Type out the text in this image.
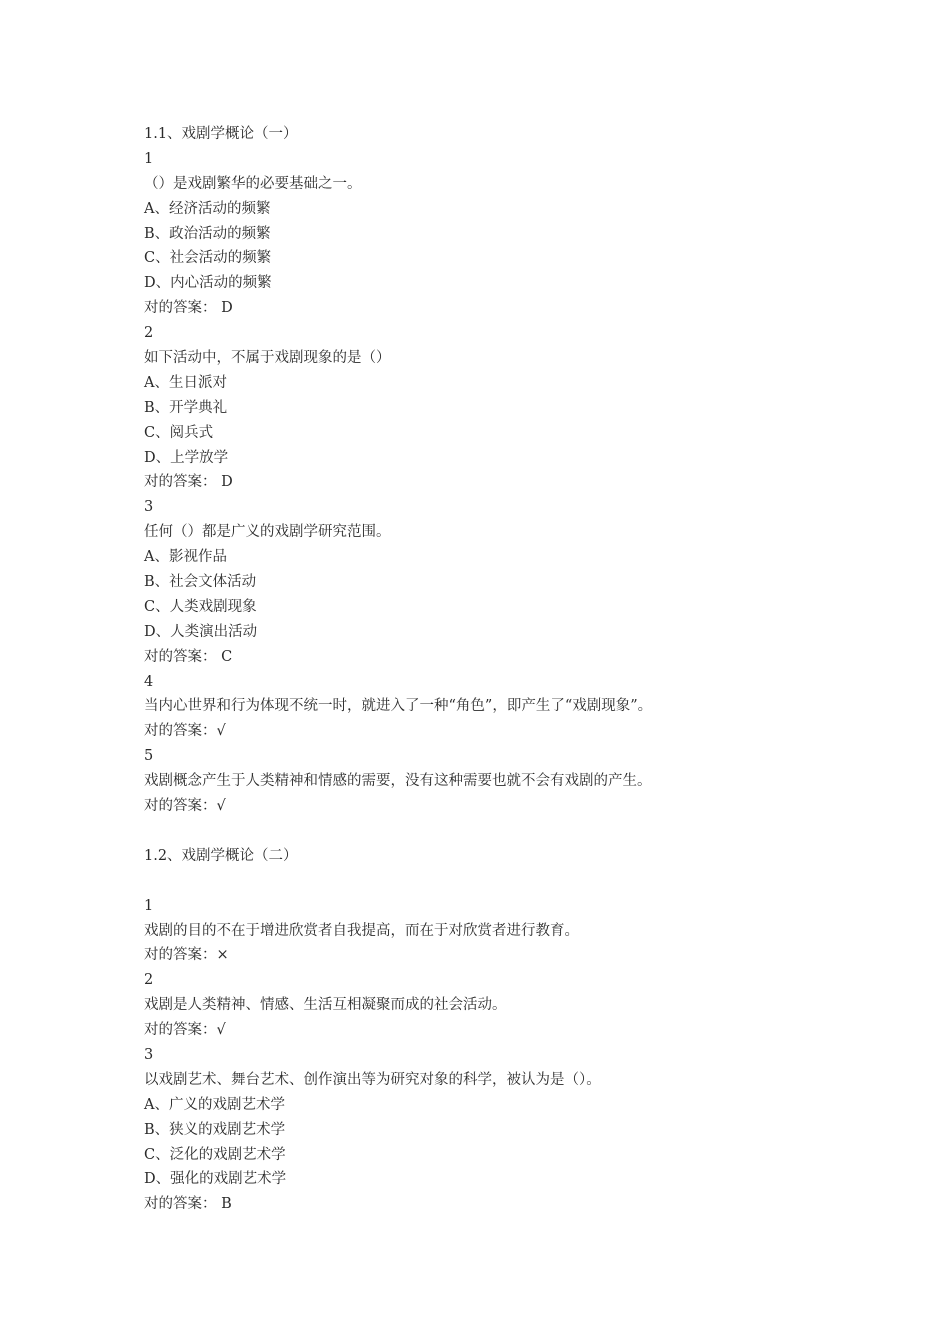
1.1、戏剧学概论（一）
1
（）是戏剧繁华的必要基础之一。
A、经济活动的频繁
B、政治活动的频繁
C、社会活动的频繁
D、内心活动的频繁
对的答案： D
2
如下活动中，不属于戏剧现象的是（）
A、生日派对
B、开学典礼
C、阅兵式
D、上学放学
对的答案： D
3
任何（）都是广义的戏剧学研究范围。
A、影视作品
B、社会文体活动
C、人类戏剧现象
D、人类演出活动
对的答案： C
4
当内心世界和行为体现不统一时，就进入了一种“角色”，即产生了“戏剧现象”。
对的答案：√
5
戏剧概念产生于人类精神和情感的需要，没有这种需要也就不会有戏剧的产生。
对的答案：√
1.2、戏剧学概论（二）
1
戏剧的目的不在于增进欣赏者自我提高，而在于对欣赏者进行教育。
对的答案：×
2
戏剧是人类精神、情感、生活互相凝聚而成的社会活动。
对的答案：√
3
以戏剧艺术、舞台艺术、创作演出等为研究对象的科学，被认为是（）。
A、广义的戏剧艺术学
B、狭义的戏剧艺术学
C、泛化的戏剧艺术学
D、强化的戏剧艺术学
对的答案： B
